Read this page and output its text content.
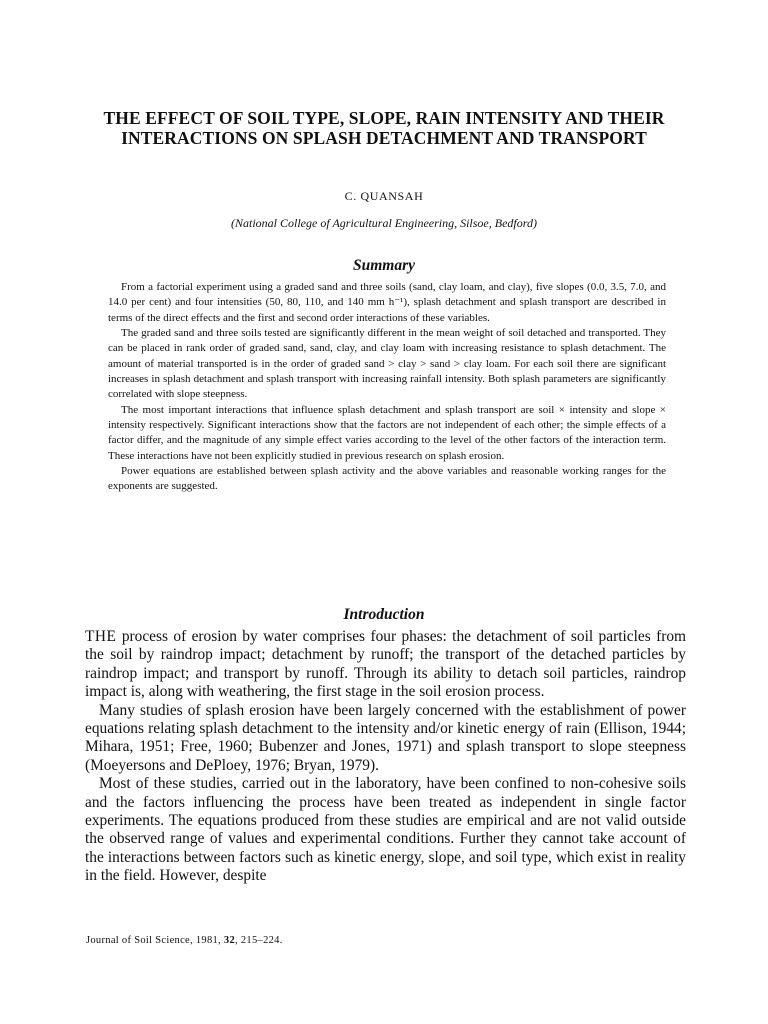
THE EFFECT OF SOIL TYPE, SLOPE, RAIN INTENSITY AND THEIR INTERACTIONS ON SPLASH DETACHMENT AND TRANSPORT

C. QUANSAH

(National College of Agricultural Engineering, Silsoe, Bedford)

Summary

From a factorial experiment using a graded sand and three soils (sand, clay loam, and clay), five slopes (0.0, 3.5, 7.0, and 14.0 per cent) and four intensities (50, 80, 110, and 140 mm h⁻¹), splash detachment and splash transport are described in terms of the direct effects and the first and second order interactions of these variables.

The graded sand and three soils tested are significantly different in the mean weight of soil detached and transported. They can be placed in rank order of graded sand, sand, clay, and clay loam with increasing resistance to splash detachment. The amount of material transported is in the order of graded sand > clay > sand > clay loam. For each soil there are significant increases in splash detachment and splash transport with increasing rainfall intensity. Both splash parameters are significantly correlated with slope steepness.

The most important interactions that influence splash detachment and splash transport are soil × intensity and slope × intensity respectively. Significant interactions show that the factors are not independent of each other; the simple effects of a factor differ, and the magnitude of any simple effect varies according to the level of the other factors of the interaction term. These interactions have not been explicitly studied in previous research on splash erosion.

Power equations are established between splash activity and the above variables and reasonable working ranges for the exponents are suggested.

Introduction

THE process of erosion by water comprises four phases: the detachment of soil particles from the soil by raindrop impact; detachment by runoff; the transport of the detached particles by raindrop impact; and transport by runoff. Through its ability to detach soil particles, raindrop impact is, along with weathering, the first stage in the soil erosion process.

Many studies of splash erosion have been largely concerned with the establishment of power equations relating splash detachment to the intensity and/or kinetic energy of rain (Ellison, 1944; Mihara, 1951; Free, 1960; Bubenzer and Jones, 1971) and splash transport to slope steepness (Moeyersons and DePloey, 1976; Bryan, 1979).

Most of these studies, carried out in the laboratory, have been confined to non-cohesive soils and the factors influencing the process have been treated as independent in single factor experiments. The equations produced from these studies are empirical and are not valid outside the observed range of values and experimental conditions. Further they cannot take account of the interactions between factors such as kinetic energy, slope, and soil type, which exist in reality in the field. However, despite

Journal of Soil Science, 1981, 32, 215–224.
